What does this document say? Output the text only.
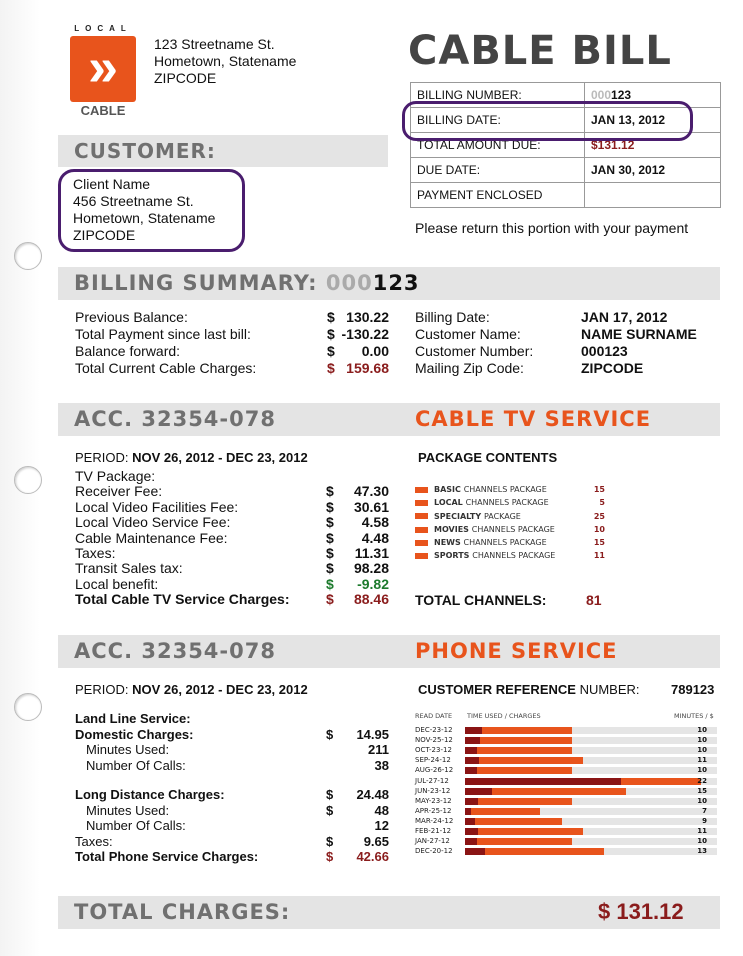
LOCAL
»
CABLE
123 Streetname St.
Hometown, Statename
ZIPCODE
CABLE BILL
BILLING NUMBER:	000123
BILLING DATE:	JAN 13, 2012
TOTAL AMOUNT DUE:	$131.12
DUE DATE:	JAN 30, 2012
PAYMENT ENCLOSED	
Please return this portion with your payment
CUSTOMER:
Client Name
456 Streetname St.
Hometown, Statename
ZIPCODE
BILLING SUMMARY: 000123
Previous Balance:	$ 130.22
Total Payment since last bill:	$ -130.22
Balance forward:	$ 0.00
Total Current Cable Charges:	$ 159.68
Billing Date:	JAN 17, 2012
Customer Name:	NAME SURNAME
Customer Number:	000123
Mailing Zip Code:	ZIPCODE
ACC. 32354-078	CABLE TV SERVICE
PERIOD: NOV 26, 2012 - DEC 23, 2012
TV Package:
Receiver Fee:	$ 47.30
Local Video Facilities Fee:	$ 30.61
Local Video Service Fee:	$ 4.58
Cable Maintenance Fee:	$ 4.48
Taxes:	$ 11.31
Transit Sales tax:	$ 98.28
Local benefit:	$ -9.82
Total Cable TV Service Charges:	$ 88.46
PACKAGE CONTENTS
BASIC CHANNELS PACKAGE	15
LOCAL CHANNELS PACKAGE	5
SPECIALTY PACKAGE	25
MOVIES CHANNELS PACKAGE	10
NEWS CHANNELS PACKAGE	15
SPORTS CHANNELS PACKAGE	11
TOTAL CHANNELS:	81
ACC. 32354-078	PHONE SERVICE
PERIOD: NOV 26, 2012 - DEC 23, 2012
Land Line Service:
Domestic Charges:	$ 14.95
Minutes Used:	211
Number Of Calls:	38
Long Distance Charges:	$ 24.48
Minutes Used:	$	48
Number Of Calls:	12
Taxes:	$ 9.65
Total Phone Service Charges:	$ 42.66
CUSTOMER REFERENCE NUMBER: 789123
READ DATE TIME USED / CHARGES	MINUTES / $
DEC-23-12	10
NOV-25-12	10
OCT-23-12	10
SEP-24-12	11
AUG-26-12	10
JUL-27-12	22
JUN-23-12	15
MAY-23-12	10
APR-25-12	7
MAR-24-12	9
FEB-21-12	11
JAN-27-12	10
DEC-20-12	13
TOTAL CHARGES:	$ 131.12
